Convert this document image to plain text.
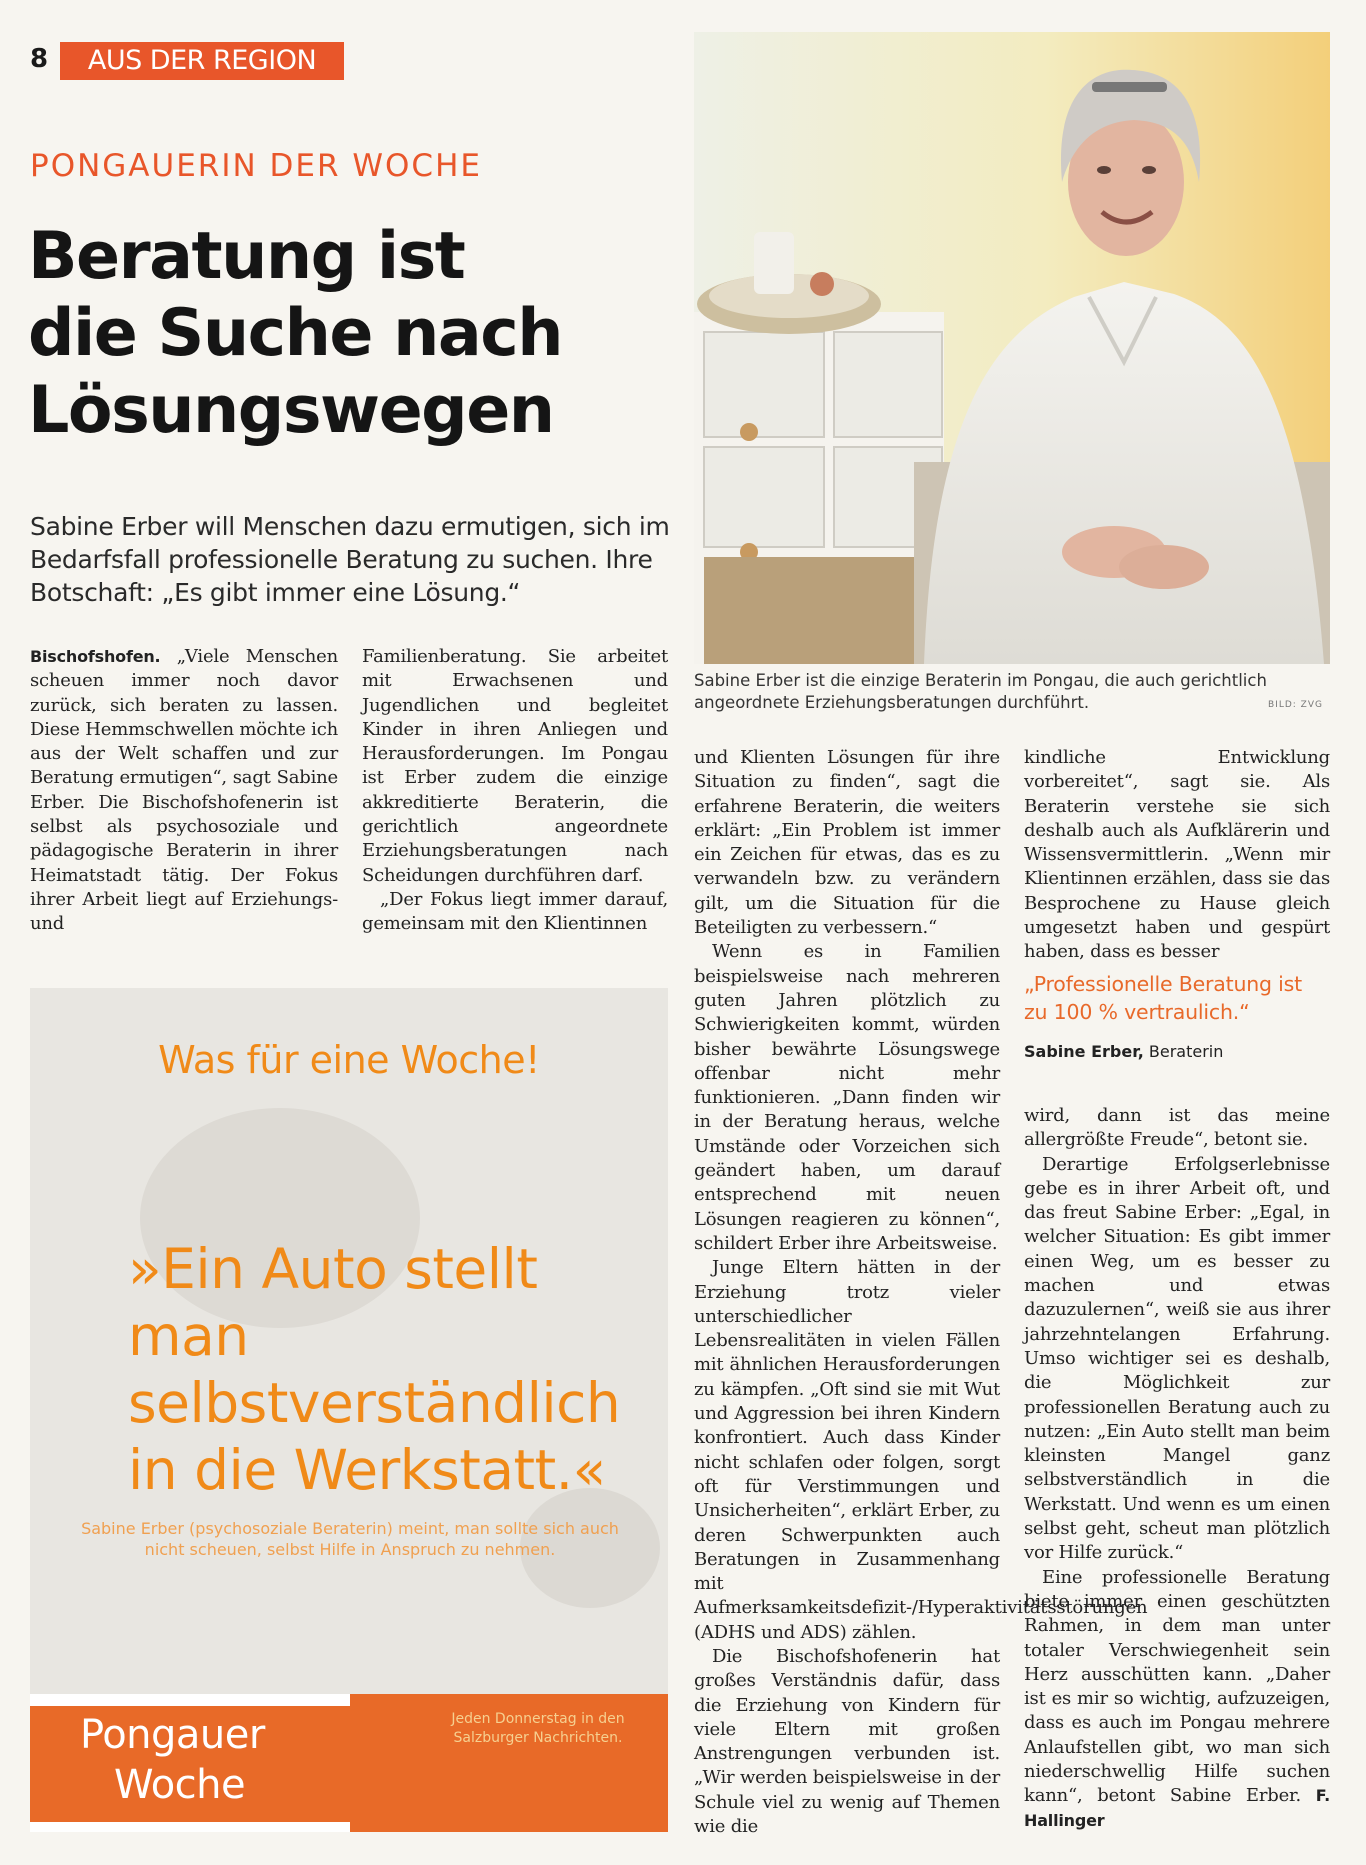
8	AUS DER REGION
PONGAUERIN DER WOCHE
Beratung ist
die Suche nach
Lösungswegen
Sabine Erber will Menschen dazu ermutigen, sich im Bedarfsfall professionelle Beratung zu suchen. Ihre Botschaft: „Es gibt immer eine Lösung.“
Sabine Erber ist die einzige Beraterin im Pongau, die auch gerichtlich angeordnete Erziehungsberatungen durchführt.	BILD: ZVG

Bischofshofen. „Viele Menschen scheuen immer noch davor zurück, sich beraten zu lassen. Diese Hemmschwellen möchte ich aus der Welt schaffen und zur Beratung ermutigen“, sagt Sabine Erber. Die Bischofshofenerin ist selbst als psychosoziale und pädagogische Beraterin in ihrer Heimatstadt tätig. Der Fokus ihrer Arbeit liegt auf Erziehungs- und

Familienberatung. Sie arbeitet mit Erwachsenen und Jugendlichen und begleitet Kinder in ihren Anliegen und Herausforderungen. Im Pongau ist Erber zudem die einzige akkreditierte Beraterin, die gerichtlich angeordnete Erziehungsberatungen nach Scheidungen durchführen darf.

„Der Fokus liegt immer darauf, gemeinsam mit den Klientinnen

und Klienten Lösungen für ihre Situation zu finden“, sagt die erfahrene Beraterin, die weiters erklärt: „Ein Problem ist immer ein Zeichen für etwas, das es zu verwandeln bzw. zu verändern gilt, um die Situation für die Beteiligten zu verbessern.“

Wenn es in Familien beispielsweise nach mehreren guten Jahren plötzlich zu Schwierigkeiten kommt, würden bisher bewährte Lösungswege offenbar nicht mehr funktionieren. „Dann finden wir in der Beratung heraus, welche Umstände oder Vorzeichen sich geändert haben, um darauf entsprechend mit neuen Lösungen reagieren zu können“, schildert Erber ihre Arbeitsweise.

Junge Eltern hätten in der Erziehung trotz vieler unterschiedlicher Lebensrealitäten in vielen Fällen mit ähnlichen Herausforderungen zu kämpfen. „Oft sind sie mit Wut und Aggression bei ihren Kindern konfrontiert. Auch dass Kinder nicht schlafen oder folgen, sorgt oft für Verstimmungen und Unsicherheiten“, erklärt Erber, zu deren Schwerpunkten auch Beratungen in Zusammenhang mit Aufmerksamkeitsdefizit-/Hyperaktivitätsstörungen (ADHS und ADS) zählen.

Die Bischofshofenerin hat großes Verständnis dafür, dass die Erziehung von Kindern für viele Eltern mit großen Anstrengungen verbunden ist. „Wir werden beispielsweise in der Schule viel zu wenig auf Themen wie die

kindliche Entwicklung vorbereitet“, sagt sie. Als Beraterin verstehe sie sich deshalb auch als Aufklärerin und Wissensvermittlerin. „Wenn mir Klientinnen erzählen, dass sie das Besprochene zu Hause gleich umgesetzt haben und gespürt haben, dass es besser

„Professionelle Beratung ist zu 100 % vertraulich.“
Sabine Erber, Beraterin

wird, dann ist das meine allergrößte Freude“, betont sie.

Derartige Erfolgserlebnisse gebe es in ihrer Arbeit oft, und das freut Sabine Erber: „Egal, in welcher Situation: Es gibt immer einen Weg, um es besser zu machen und etwas dazuzulernen“, weiß sie aus ihrer jahrzehntelangen Erfahrung. Umso wichtiger sei es deshalb, die Möglichkeit zur professionellen Beratung auch zu nutzen: „Ein Auto stellt man beim kleinsten Mangel ganz selbstverständlich in die Werkstatt. Und wenn es um einen selbst geht, scheut man plötzlich vor Hilfe zurück.“

Eine professionelle Beratung biete immer einen geschützten Rahmen, in dem man unter totaler Verschwiegenheit sein Herz ausschütten kann. „Daher ist es mir so wichtig, aufzuzeigen, dass es auch im Pongau mehrere Anlaufstellen gibt, wo man sich niederschwellig Hilfe suchen kann“, betont Sabine Erber. F. Hallinger

Was für eine Woche!
»Ein Auto stellt man selbstverständlich in die Werkstatt.«
Sabine Erber (psychosoziale Beraterin) meint, man sollte sich auch nicht scheuen, selbst Hilfe in Anspruch zu nehmen.
Pongauer
Woche
Jeden Donnerstag in den Salzburger Nachrichten.
